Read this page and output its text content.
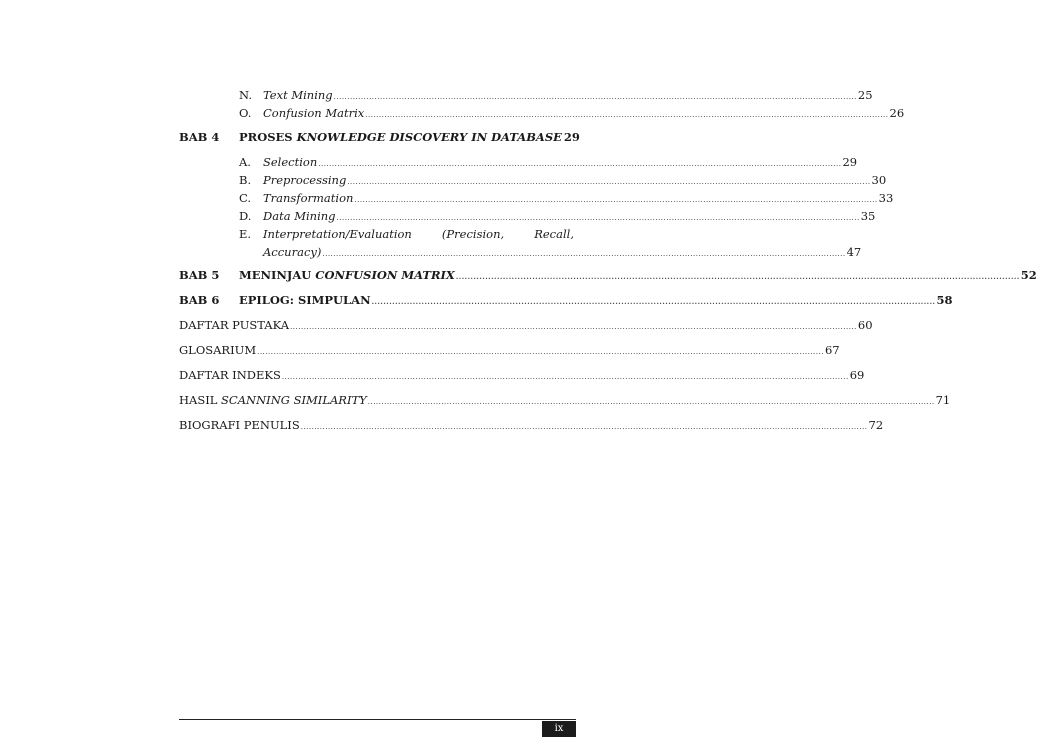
N. Text Mining ................................................................................................................................................................................................ 25
O. Confusion Matrix ................................................................................................................................................................................................ 26
BAB 4 PROSES KNOWLEDGE DISCOVERY IN DATABASE 29
A. Selection ................................................................................................................................................................................................ 29
B. Preprocessing ................................................................................................................................................................................................ 30
C. Transformation ................................................................................................................................................................................................ 33
D. Data Mining ................................................................................................................................................................................................ 35
E. Interpretation/Evaluation	(Precision,	Recall,
Accuracy) ................................................................................................................................................................................................ 47
BAB 5 MENINJAU CONFUSION MATRIX ................................................................................................................................................................................................ 52
BAB 6 EPILOG: SIMPULAN ................................................................................................................................................................................................ 58
DAFTAR PUSTAKA ................................................................................................................................................................................................................ 60
GLOSARIUM ................................................................................................................................................................................................................ 67
DAFTAR INDEKS ................................................................................................................................................................................................................ 69
HASIL SCANNING SIMILARITY ................................................................................................................................................................................................................ 71
BIOGRAFI PENULIS ................................................................................................................................................................................................................ 72
ix
